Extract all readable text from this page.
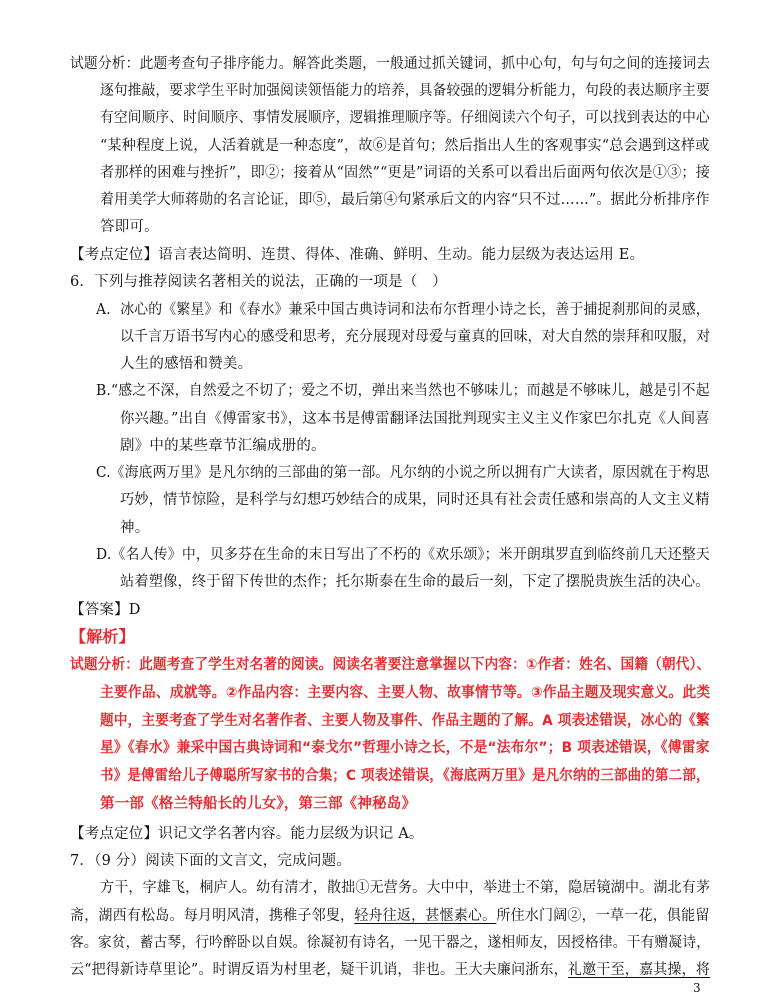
试题分析：此题考查句子排序能力。解答此类题，一般通过抓关键词，抓中心句，句与句之间的连接词去
逐句推敲，要求学生平时加强阅读领悟能力的培养，具备较强的逻辑分析能力，句段的表达顺序主要
有空间顺序、时间顺序、事情发展顺序，逻辑推理顺序等。仔细阅读六个句子，可以找到表达的中心
“某种程度上说，人活着就是一种态度”，故⑥是首句；然后指出人生的客观事实“总会遇到这样或
者那样的困难与挫折”，即②；接着从“固然”“更是”词语的关系可以看出后面两句依次是①③；接
着用美学大师蒋勋的名言论证，即⑤，最后第④句紧承后文的内容“只不过……”。据此分析排序作
答即可。
【考点定位】语言表达简明、连贯、得体、准确、鲜明、生动。能力层级为表达运用 E。
6．下列与推荐阅读名著相关的说法，正确的一项是（　）
A．冰心的《繁星》和《春水》兼采中国古典诗词和法布尔哲理小诗之长，善于捕捉刹那间的灵感，
以千言万语书写内心的感受和思考，充分展现对母爱与童真的回味，对大自然的崇拜和叹服，对
人生的感悟和赞美。
B.“感之不深，自然爱之不切了；爱之不切，弹出来当然也不够味儿；而越是不够味儿，越是引不起
你兴趣。”出自《傅雷家书》，这本书是傅雷翻译法国批判现实主义主义作家巴尔扎克《人间喜
剧》中的某些章节汇编成册的。
C.《海底两万里》是凡尔纳的三部曲的第一部。凡尔纳的小说之所以拥有广大读者，原因就在于构思
巧妙，情节惊险，是科学与幻想巧妙结合的成果，同时还具有社会责任感和崇高的人文主义精
神。
D.《名人传》中，贝多芬在生命的末日写出了不朽的《欢乐颂》；米开朗琪罗直到临终前几天还整天
站着塑像，终于留下传世的杰作；托尔斯泰在生命的最后一刻，下定了摆脱贵族生活的决心。
【答案】D
【解析】
试题分析：此题考查了学生对名著的阅读。阅读名著要注意掌握以下内容：①作者：姓名、国籍（朝代）、
主要作品、成就等。②作品内容：主要内容、主要人物、故事情节等。③作品主题及现实意义。此类
题中，主要考查了学生对名著作者、主要人物及事件、作品主题的了解。A 项表述错误，冰心的《繁
星》《春水》兼采中国古典诗词和“泰戈尔”哲理小诗之长，不是“法布尔”；B 项表述错误，《傅雷家
书》是傅雷给儿子傅聪所写家书的合集；C 项表述错误，《海底两万里》是凡尔纳的三部曲的第二部，
第一部《格兰特船长的儿女》，第三部《神秘岛》
【考点定位】识记文学名著内容。能力层级为识记 A。
7．（9 分）阅读下面的文言文，完成问题。
方干，字雄飞，桐庐人。幼有清才，散拙①无营务。大中中，举进士不第，隐居镜湖中。湖北有茅
斋，湖西有松岛。每月明风清，携稚子邻叟，轻舟往返，甚惬素心。所住水门阔②，一草一花，俱能留
客。家贫，蓄古琴，行吟醉卧以自娱。徐凝初有诗名，一见干器之，遂相师友，因授格律。干有赠凝诗，
云“把得新诗草里论”。时谓反语为村里老，疑干讥诮，非也。王大夫廉问浙东，礼邀干至，嘉其操，将
3
